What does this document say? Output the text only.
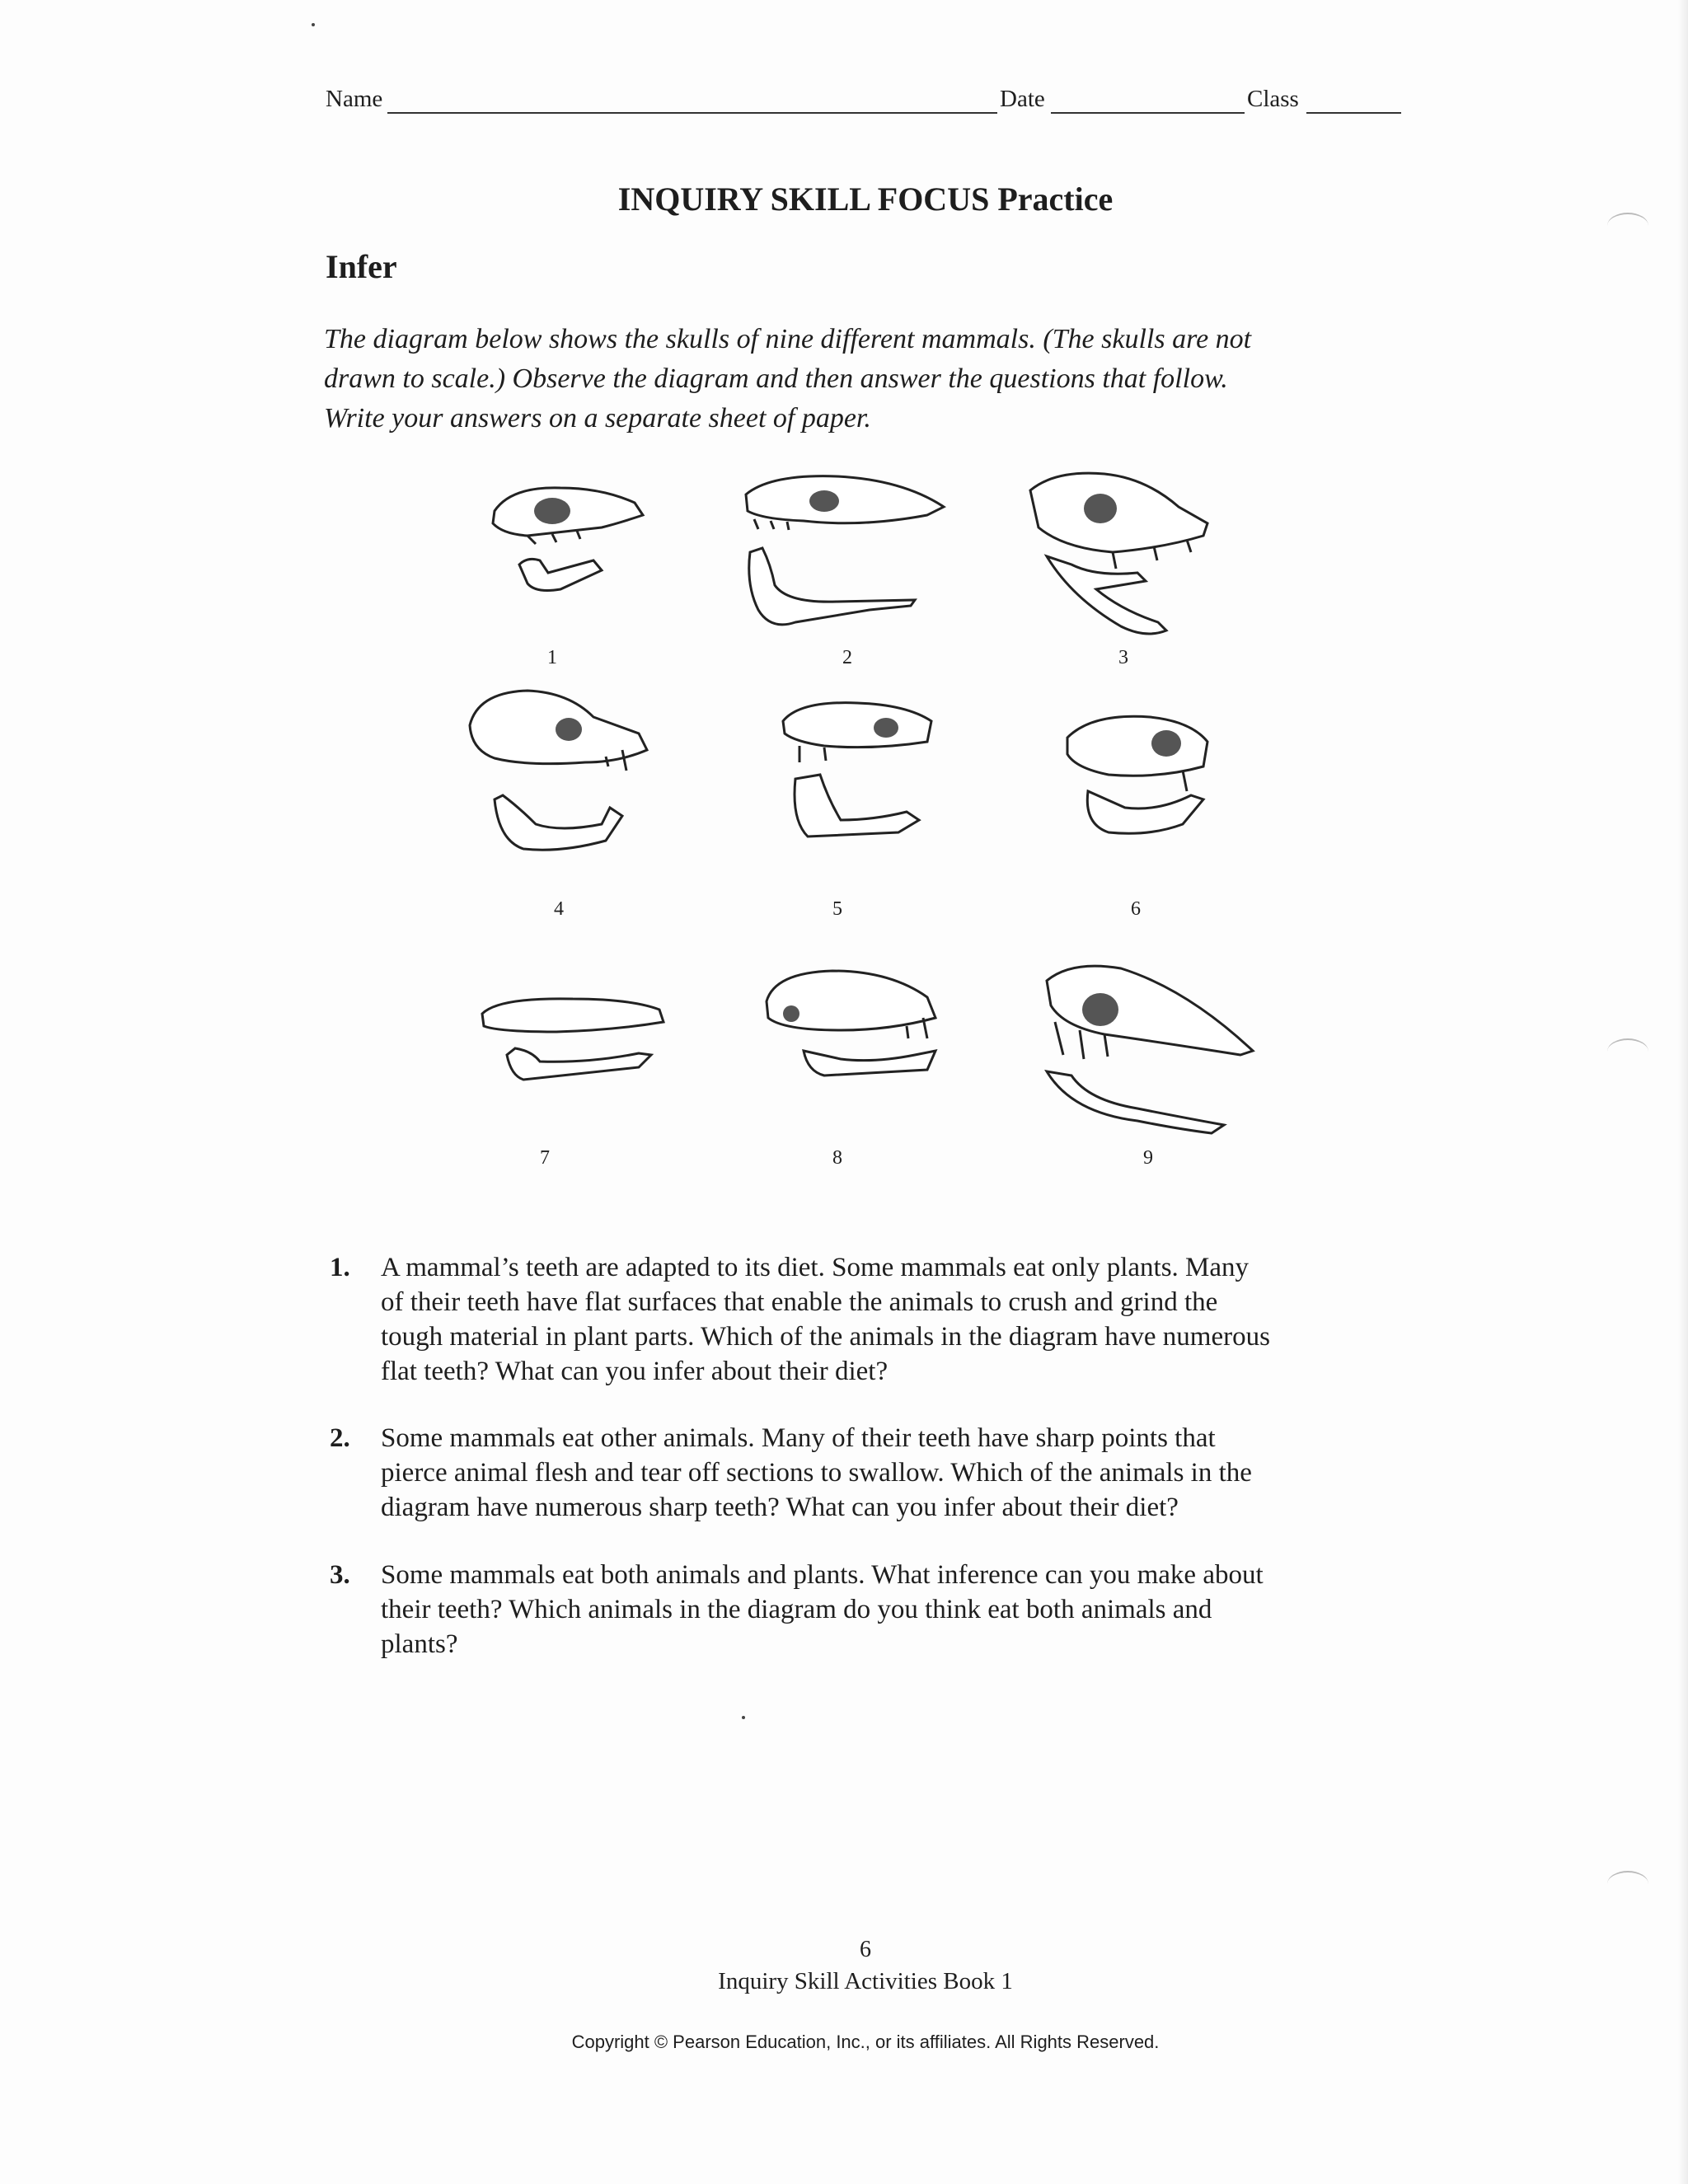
Name	Date	Class
INQUIRY SKILL FOCUS Practice
Infer
The diagram below shows the skulls of nine different mammals. (The skulls are not
drawn to scale.) Observe the diagram and then answer the questions that follow.
Write your answers on a separate sheet of paper.
1	2	3
4	5	6
7	8	9
1. A mammal’s teeth are adapted to its diet. Some mammals eat only plants. Many
of their teeth have flat surfaces that enable the animals to crush and grind the
tough material in plant parts. Which of the animals in the diagram have numerous
flat teeth? What can you infer about their diet?
2. Some mammals eat other animals. Many of their teeth have sharp points that
pierce animal flesh and tear off sections to swallow. Which of the animals in the
diagram have numerous sharp teeth? What can you infer about their diet?
3. Some mammals eat both animals and plants. What inference can you make about
their teeth? Which animals in the diagram do you think eat both animals and
plants?
6
Inquiry Skill Activities Book 1
Copyright © Pearson Education, Inc., or its affiliates. All Rights Reserved.
